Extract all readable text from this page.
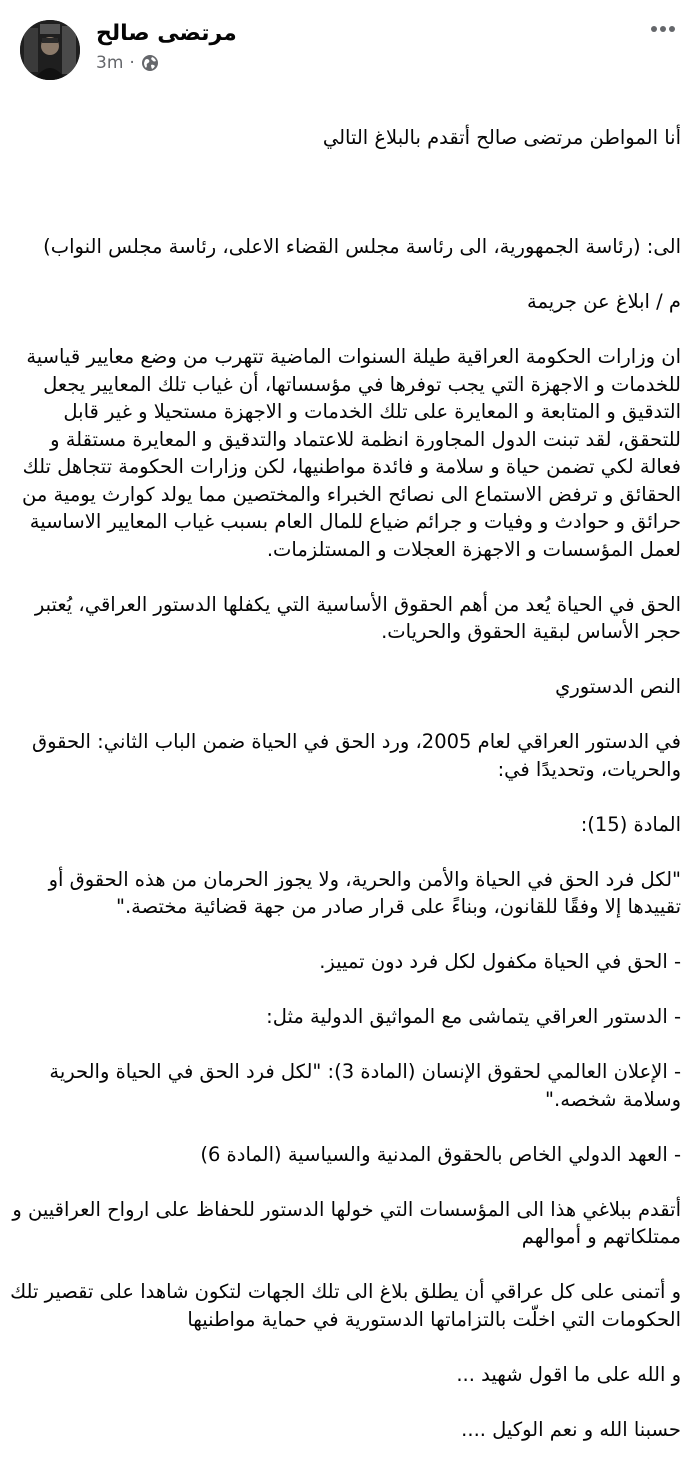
مرتضى صالح
3m ·

أنا المواطن مرتضى صالح أتقدم بالبلاغ التالي

الى: (رئاسة الجمهورية، الى رئاسة مجلس القضاء الاعلى، رئاسة مجلس النواب)

م / ابلاغ عن جريمة

ان وزارات الحكومة العراقية طيلة السنوات الماضية تتهرب من وضع معايير قياسية للخدمات و الاجهزة التي يجب توفرها في مؤسساتها، أن غياب تلك المعايير يجعل التدقيق و المتابعة و المعايرة على تلك الخدمات و الاجهزة مستحيلا و غير قابل للتحقق، لقد تبنت الدول المجاورة انظمة للاعتماد والتدقيق و المعايرة مستقلة و فعالة لكي تضمن حياة و سلامة و فائدة مواطنيها، لكن وزارات الحكومة تتجاهل تلك الحقائق و ترفض الاستماع الى نصائح الخبراء والمختصين مما يولد كوارث يومية من حرائق و حوادث و وفيات و جرائم ضياع للمال العام بسبب غياب المعايير الاساسية لعمل المؤسسات و الاجهزة العجلات و المستلزمات.

الحق في الحياة يُعد من أهم الحقوق الأساسية التي يكفلها الدستور العراقي، يُعتبر حجر الأساس لبقية الحقوق والحريات.

النص الدستوري

في الدستور العراقي لعام 2005، ورد الحق في الحياة ضمن الباب الثاني: الحقوق والحريات، وتحديدًا في:

المادة (15):

"لكل فرد الحق في الحياة والأمن والحرية، ولا يجوز الحرمان من هذه الحقوق أو تقييدها إلا وفقًا للقانون، وبناءً على قرار صادر من جهة قضائية مختصة."

- الحق في الحياة مكفول لكل فرد دون تمييز.

- الدستور العراقي يتماشى مع المواثيق الدولية مثل:

- الإعلان العالمي لحقوق الإنسان (المادة 3): "لكل فرد الحق في الحياة والحرية وسلامة شخصه."

- العهد الدولي الخاص بالحقوق المدنية والسياسية (المادة 6)

أتقدم ببلاغي هذا الى المؤسسات التي خولها الدستور للحفاظ على ارواح العراقيين و ممتلكاتهم و أموالهم

و أتمنى على كل عراقي أن يطلق بلاغ الى تلك الجهات لتكون شاهدا على تقصير تلك الحكومات التي اخلّت بالتزاماتها الدستورية في حماية مواطنيها

و الله على ما اقول شهيد ...

حسبنا الله و نعم الوكيل ....
